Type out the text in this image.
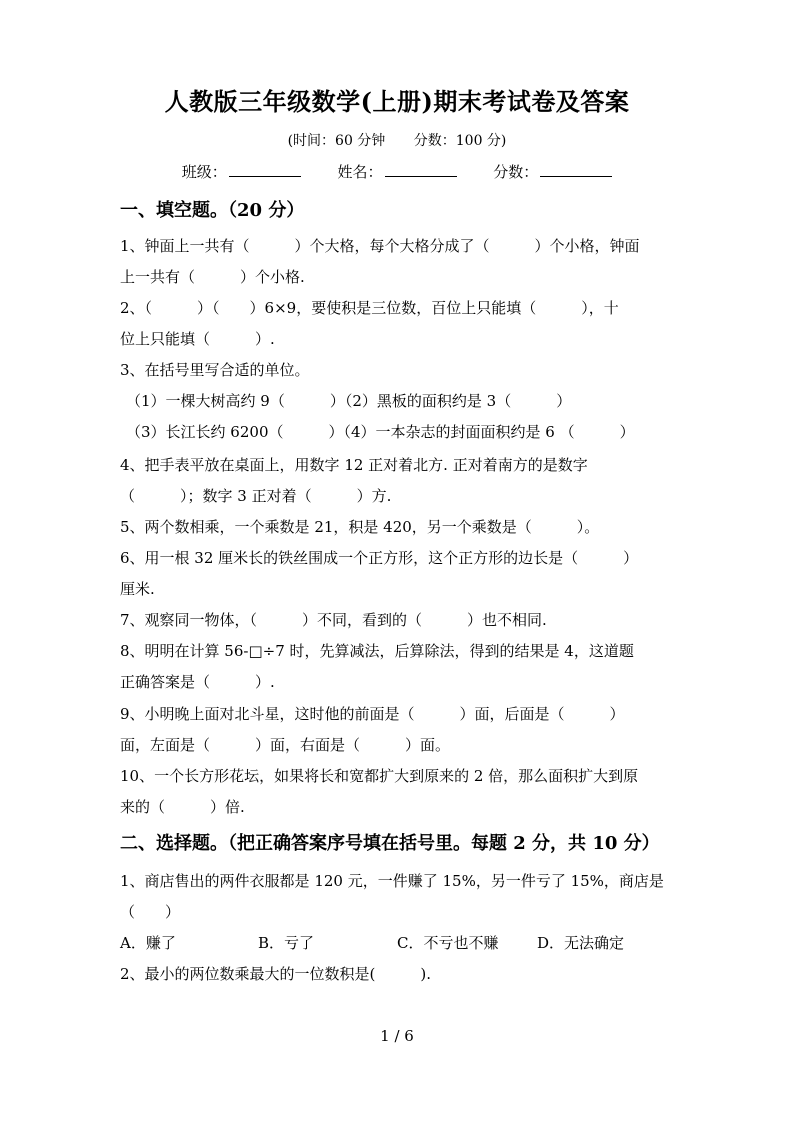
人教版三年级数学(上册)期末考试卷及答案
(时间：60 分钟 分数：100 分)
班级：	姓名：	分数：
一、填空题。（20 分）
1、钟面上一共有（　　　）个大格，每个大格分成了（　　　）个小格，钟面
上一共有（　　　）个小格.
2、（　　　）（　　）6×9，要使积是三位数，百位上只能填（　　　），十
位上只能填（　　　）.
3、在括号里写合适的单位。
（1）一棵大树高约 9（　　　）（2）黑板的面积约是 3（　　　）
（3）长江长约 6200（　　　）（4）一本杂志的封面面积约是 6 （　　　）
4、把手表平放在桌面上，用数字 12 正对着北方. 正对着南方的是数字
（　　　）；数字 3 正对着（　　　）方.
5、两个数相乘，一个乘数是 21，积是 420，另一个乘数是（　　　）。
6、用一根 32 厘米长的铁丝围成一个正方形，这个正方形的边长是（　　　）
厘米.
7、观察同一物体，（　　　）不同，看到的（　　　）也不相同.
8、明明在计算 56-□÷7 时，先算减法，后算除法，得到的结果是 4，这道题
正确答案是（　　　）.
9、小明晚上面对北斗星，这时他的前面是（　　　）面，后面是（　　　）
面，左面是（　　　）面，右面是（　　　）面。
10、一个长方形花坛，如果将长和宽都扩大到原来的 2 倍，那么面积扩大到原
来的（　　　）倍.
二、选择题。（把正确答案序号填在括号里。每题 2 分，共 10 分）
1、商店售出的两件衣服都是 120 元，一件赚了 15%，另一件亏了 15%，商店是
（　　）
A．赚了	B．亏了	C．不亏也不赚	D．无法确定
2、最小的两位数乘最大的一位数积是(　　　).
1 / 6
